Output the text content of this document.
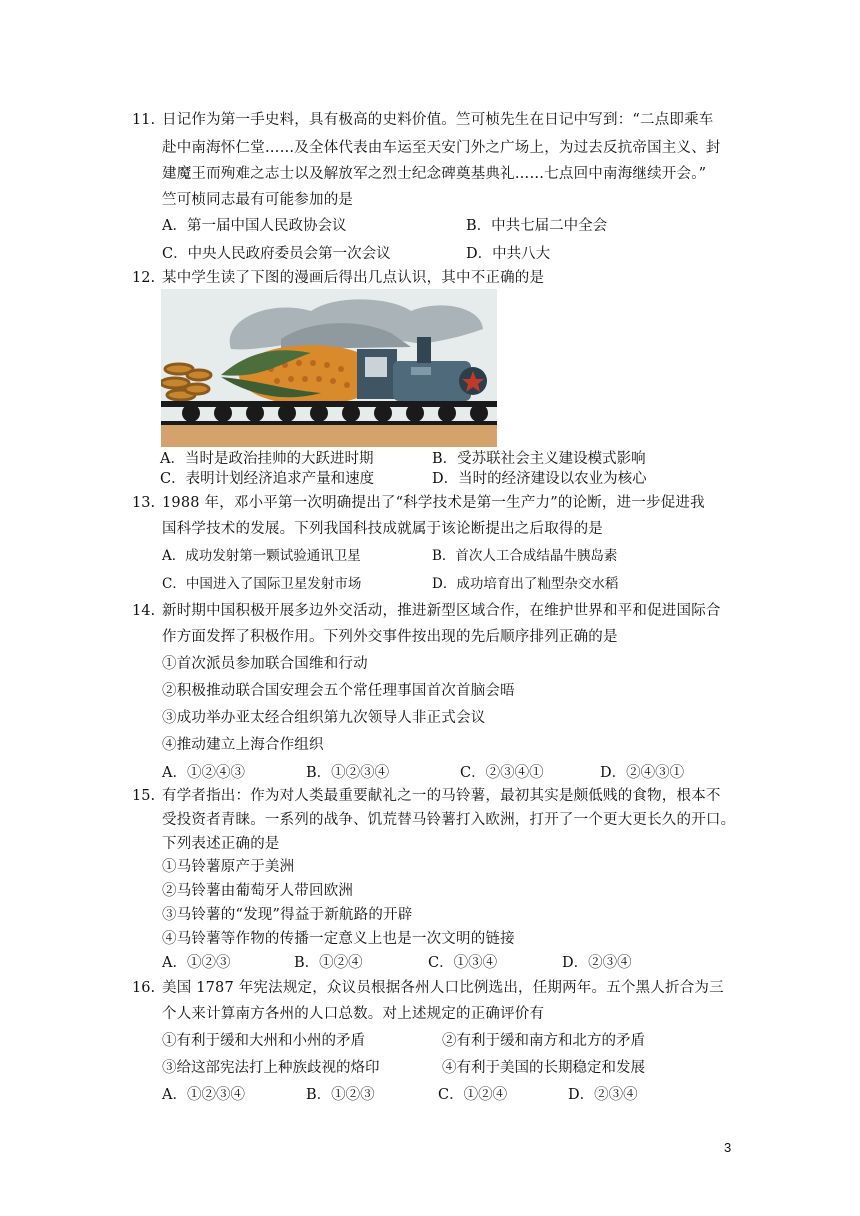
11. 日记作为第一手史料，具有极高的史料价值。竺可桢先生在日记中写到：“二点即乘车
赴中南海怀仁堂……及全体代表由车运至天安门外之广场上，为过去反抗帝国主义、封
建魔王而殉难之志士以及解放军之烈士纪念碑奠基典礼……七点回中南海继续开会。”
竺可桢同志最有可能参加的是
A．第一届中国人民政协会议	B．中共七届二中全会
C．中央人民政府委员会第一次会议	D．中共八大
12. 某中学生读了下图的漫画后得出几点认识，其中不正确的是
A．当时是政治挂帅的大跃进时期	B．受苏联社会主义建设模式影响
C．表明计划经济追求产量和速度	D．当时的经济建设以农业为核心
13. 1988 年，邓小平第一次明确提出了“科学技术是第一生产力”的论断，进一步促进我
国科学技术的发展。下列我国科技成就属于该论断提出之后取得的是
A．成功发射第一颗试验通讯卫星	B．首次人工合成结晶牛胰岛素
C．中国进入了国际卫星发射市场	D．成功培育出了籼型杂交水稻
14. 新时期中国积极开展多边外交活动，推进新型区域合作，在维护世界和平和促进国际合
作方面发挥了积极作用。下列外交事件按出现的先后顺序排列正确的是
①首次派员参加联合国维和行动
②积极推动联合国安理会五个常任理事国首次首脑会晤
③成功举办亚太经合组织第九次领导人非正式会议
④推动建立上海合作组织
A．①②④③	B．①②③④	C．②③④①	D．②④③①
15. 有学者指出：作为对人类最重要献礼之一的马铃薯，最初其实是颇低贱的食物，根本不
受投资者青睐。一系列的战争、饥荒替马铃薯打入欧洲，打开了一个更大更长久的开口。
下列表述正确的是
①马铃薯原产于美洲
②马铃薯由葡萄牙人带回欧洲
③马铃薯的“发现”得益于新航路的开辟
④马铃薯等作物的传播一定意义上也是一次文明的链接
A．①②③	B．①②④	C．①③④	D．②③④
16. 美国 1787 年宪法规定，众议员根据各州人口比例选出，任期两年。五个黑人折合为三
个人来计算南方各州的人口总数。对上述规定的正确评价有
①有利于缓和大州和小州的矛盾	②有利于缓和南方和北方的矛盾
③给这部宪法打上种族歧视的烙印	④有利于美国的长期稳定和发展
A．①②③④	B．①②③	C．①②④	D．②③④
3
